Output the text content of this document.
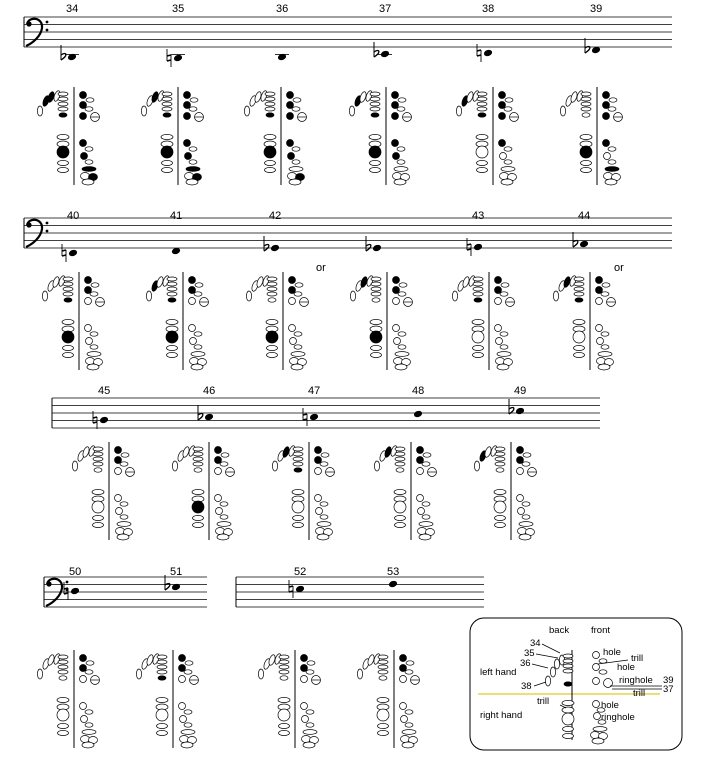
34	35	36	37	38	39
40	41	42	43	44
45	46	47	48	49
50	51	52	53
or	or
back front
left hand
right hand
34
35
36
38
hole
trill
hole
ringhole 39
37
trill
trill	hole
ringhole
